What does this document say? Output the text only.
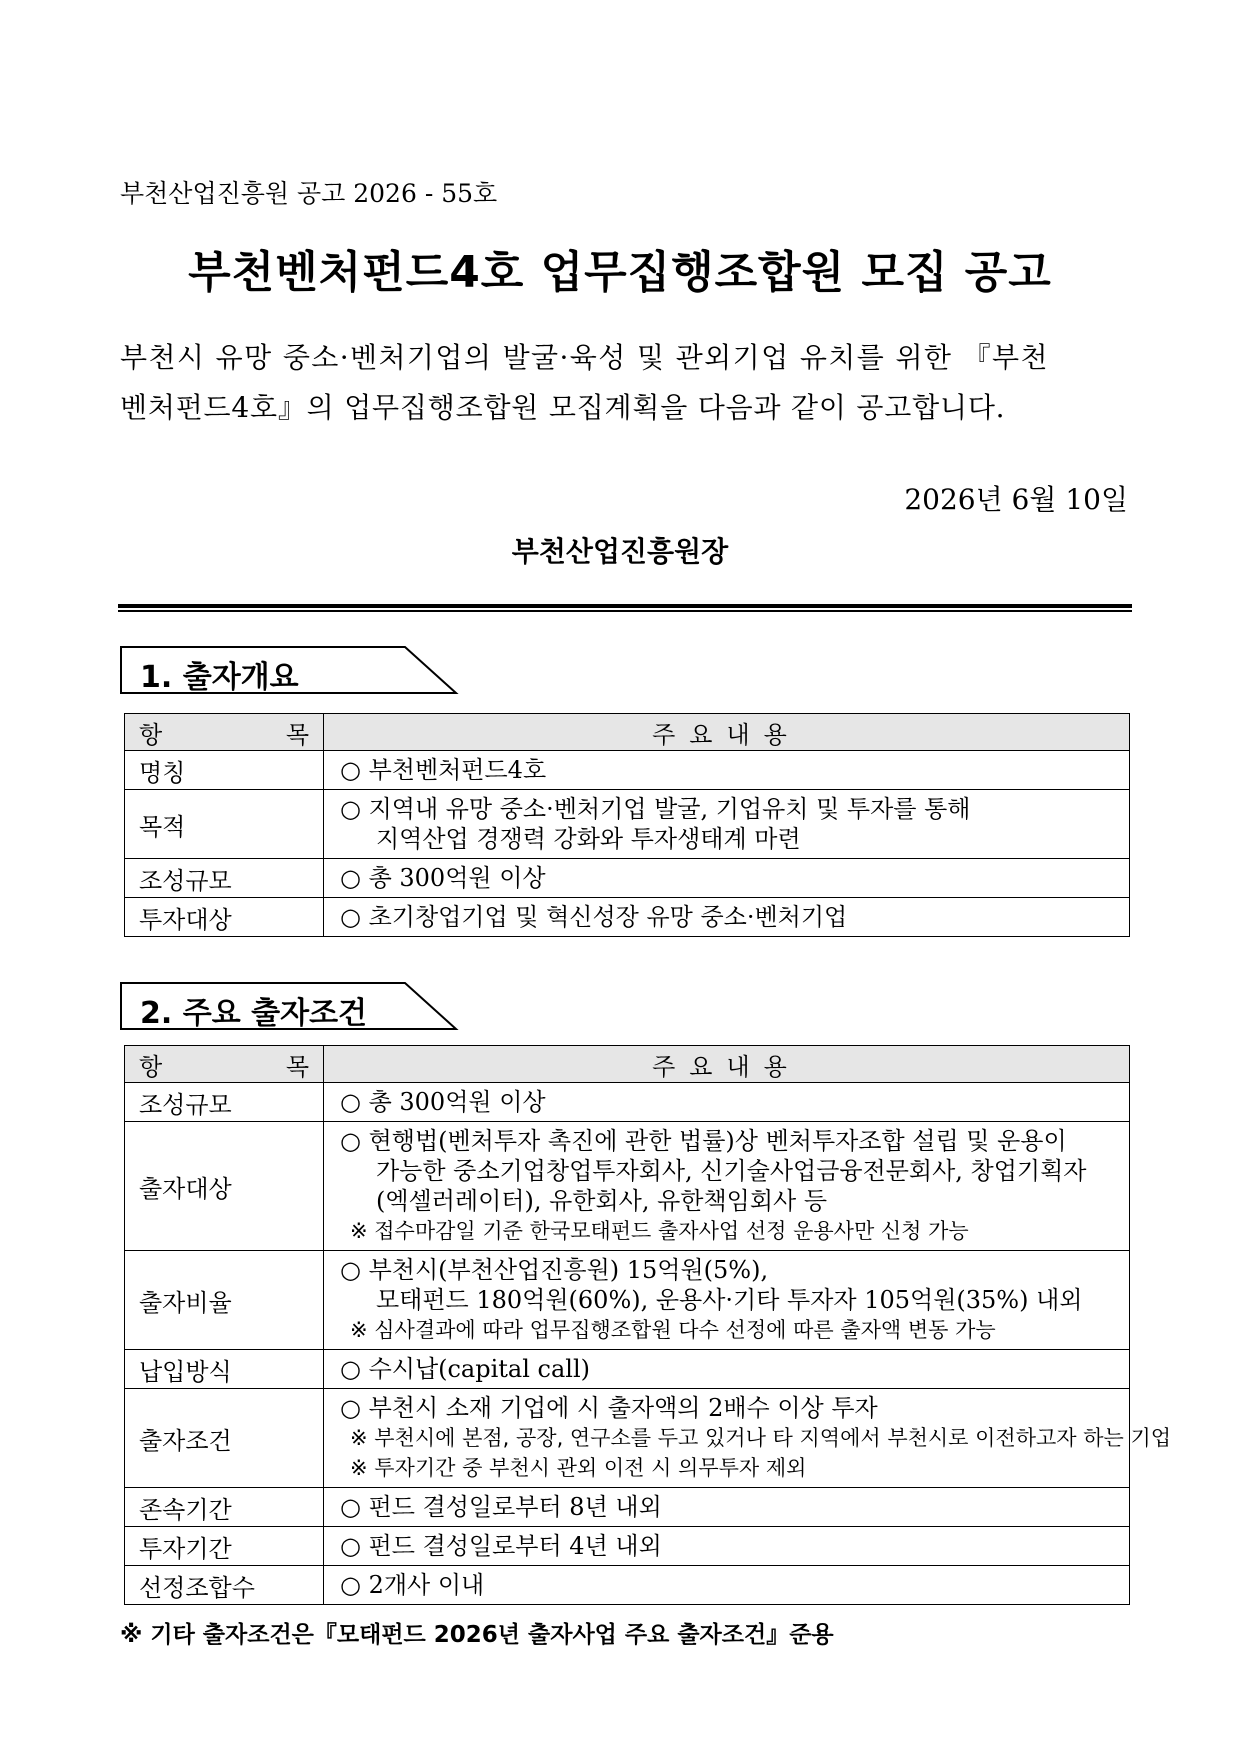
부천산업진흥원 공고 2026 - 55호
부천벤처펀드4호 업무집행조합원 모집 공고
부천시 유망 중소·벤처기업의 발굴·육성 및 관외기업 유치를 위한 『부천
벤처펀드4호』의 업무집행조합원 모집계획을 다음과 같이 공고합니다.
2026년 6월 10일
부천산업진흥원장
1. 출자개요
항 목	주요내용
명칭	○ 부천벤처펀드4호

목적	○ 지역내 유망 중소·벤처기업 발굴, 기업유치 및 투자를 통해
지역산업 경쟁력 강화와 투자생태계 마련

조성규모	○ 총 300억원 이상

투자대상	○ 초기창업기업 및 혁신성장 유망 중소·벤처기업
2. 주요 출자조건
항 목	주요내용
조성규모	○ 총 300억원 이상

출자대상	○ 현행법(벤처투자 촉진에 관한 법률)상 벤처투자조합 설립 및 운용이
가능한 중소기업창업투자회사, 신기술사업금융전문회사, 창업기획자
(엑셀러레이터), 유한회사, 유한책임회사 등
※ 접수마감일 기준 한국모태펀드 출자사업 선정 운용사만 신청 가능

출자비율	○ 부천시(부천산업진흥원) 15억원(5%),
모태펀드 180억원(60%), 운용사·기타 투자자 105억원(35%) 내외
※ 심사결과에 따라 업무집행조합원 다수 선정에 따른 출자액 변동 가능

납입방식	○ 수시납(capital call)

출자조건	○ 부천시 소재 기업에 시 출자액의 2배수 이상 투자
※ 부천시에 본점, 공장, 연구소를 두고 있거나 타 지역에서 부천시로 이전하고자 하는 기업
※ 투자기간 중 부천시 관외 이전 시 의무투자 제외

존속기간	○ 펀드 결성일로부터 8년 내외

투자기간	○ 펀드 결성일로부터 4년 내외

선정조합수	○ 2개사 이내
※ 기타 출자조건은『모태펀드 2026년 출자사업 주요 출자조건』준용
